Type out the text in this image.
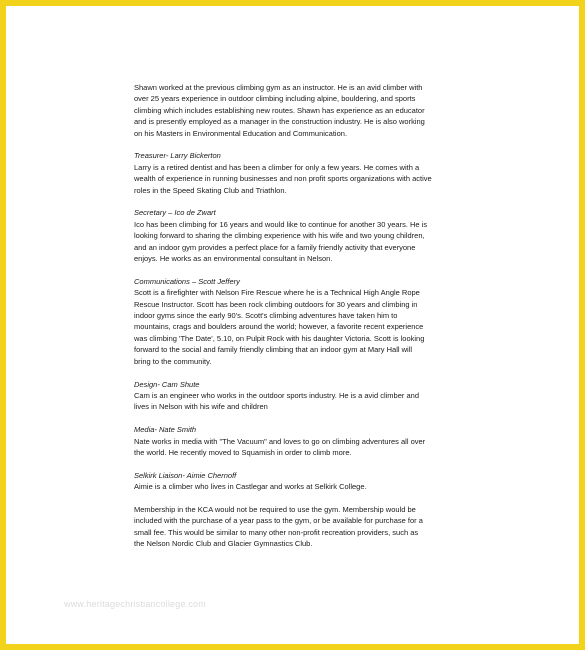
Shawn worked at the previous climbing gym as an instructor. He is an avid climber with
over 25 years experience in outdoor climbing including alpine, bouldering, and sports
climbing which includes establishing new routes. Shawn has experience as an educator
and is presently employed as a manager in the construction industry. He is also working
on his Masters in Environmental Education and Communication.

Treasurer- Larry Bickerton

Larry is a retired dentist and has been a climber for only a few years. He comes with a
wealth of experience in running businesses and non profit sports organizations with active
roles in the Speed Skating Club and Triathlon.

Secretary – Ico de Zwart

Ico has been climbing for 16 years and would like to continue for another 30 years. He is
looking forward to sharing the climbing experience with his wife and two young children,
and an indoor gym provides a perfect place for a family friendly activity that everyone
enjoys. He works as an environmental consultant in Nelson.

Communications – Scott Jeffery

Scott is a firefighter with Nelson Fire Rescue where he is a Technical High Angle Rope
Rescue Instructor. Scott has been rock climbing outdoors for 30 years and climbing in
indoor gyms since the early 90's. Scott's climbing adventures have taken him to
mountains, crags and boulders around the world; however, a favorite recent experience
was climbing 'The Date', 5.10, on Pulpit Rock with his daughter Victoria. Scott is looking
forward to the social and family friendly climbing that an indoor gym at Mary Hall will
bring to the community.

Design- Cam Shute

Cam is an engineer who works in the outdoor sports industry. He is a avid climber and
lives in Nelson with his wife and children

Media- Nate Smith

Nate works in media with "The Vacuum" and loves to go on climbing adventures all over
the world. He recently moved to Squamish in order to climb more.

Selkirk Liaison- Aimie Chernoff

Aimie is a climber who lives in Castlegar and works at Selkirk College.

Membership in the KCA would not be required to use the gym. Membership would be
included with the purchase of a year pass to the gym, or be available for purchase for a
small fee. This would be similar to many other non-profit recreation providers, such as
the Nelson Nordic Club and Glacier Gymnastics Club.

www.heritagechristiancollege.com
